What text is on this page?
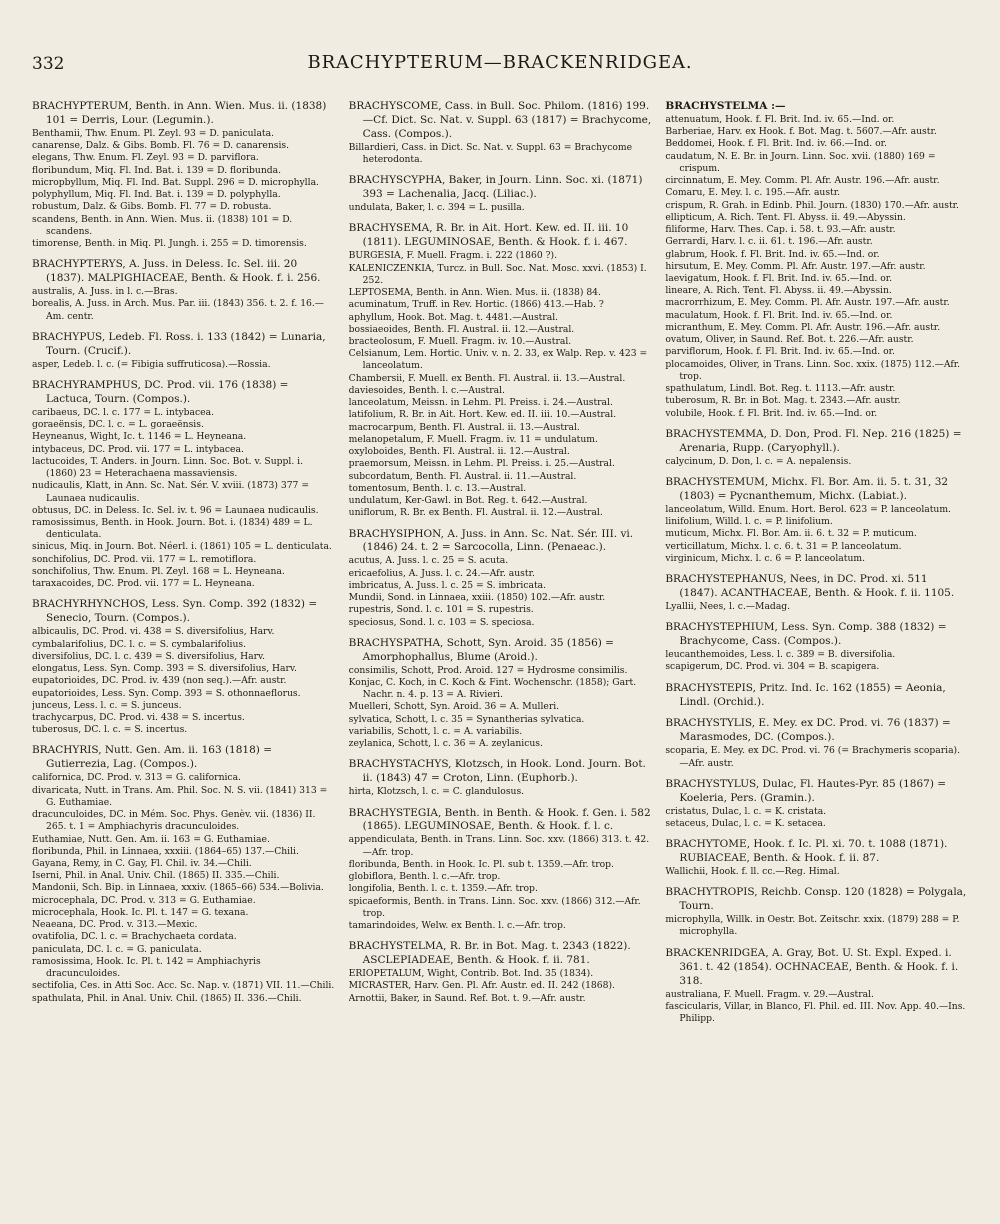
332	BRACHYPTERUM—BRACKENRIDGEA.
BRACHYPTERUM, Benth. in Ann. Wien. Mus. ii. (1838) 101 = Derris, Lour. (Legumin.).
Benthamii, Thw. Enum. Pl. Zeyl. 93 = D. paniculata.
canarense, Dalz. & Gibs. Bomb. Fl. 76 = D. canarensis.
elegans, Thw. Enum. Fl. Zeyl. 93 = D. parviflora.
floribundum, Miq. Fl. Ind. Bat. i. 139 = D. floribunda.
micropbyllum, Miq. Fl. Ind. Bat. Suppl. 296 = D. microphylla.
polyphyllum, Miq. Fl. Ind. Bat. i. 139 = D. polyphylla.
robustum, Dalz. & Gibs. Bomb. Fl. 77 = D. robusta.
scandens, Benth. in Ann. Wien. Mus. ii. (1838) 101 = D. scandens.
timorense, Benth. in Miq. Pl. Jungh. i. 255 = D. timorensis.
BRACHYPTERYS, A. Juss. in Deless. Ic. Sel. iii. 20 (1837). MALPIGHIACEAE, Benth. & Hook. f. i. 256.
australis, A. Juss. in l. c.—Bras.
borealis, A. Juss. in Arch. Mus. Par. iii. (1843) 356. t. 2. f. 16.—Am. centr.
BRACHYPUS, Ledeb. Fl. Ross. i. 133 (1842) = Lunaria, Tourn. (Crucif.).
asper, Ledeb. l. c. (= Fibigia suffruticosa).—Rossia.
BRACHYRAMPHUS, DC. Prod. vii. 176 (1838) = Lactuca, Tourn. (Compos.).
caribaeus, DC. l. c. 177 = L. intybacea.
goraeënsis, DC. l. c. = L. goraeënsis.
Heyneanus, Wight, Ic. t. 1146 = L. Heyneana.
intybaceus, DC. Prod. vii. 177 = L. intybacea.
lactucoides, T. Anders. in Journ. Linn. Soc. Bot. v. Suppl. i. (1860) 23 = Heterachaena massaviensis.
nudicaulis, Klatt, in Ann. Sc. Nat. Sér. V. xviii. (1873) 377 = Launaea nudicaulis.
obtusus, DC. in Deless. Ic. Sel. iv. t. 96 = Launaea nudicaulis.
ramosissimus, Benth. in Hook. Journ. Bot. i. (1834) 489 = L. denticulata.
sinicus, Miq. in Journ. Bot. Néerl. i. (1861) 105 = L. denticulata.
sonchifolius, DC. Prod. vii. 177 = L. remotiflora.
sonchifolius, Thw. Enum. Pl. Zeyl. 168 = L. Heyneana.
taraxacoides, DC. Prod. vii. 177 = L. Heyneana.
BRACHYRHYNCHOS, Less. Syn. Comp. 392 (1832) = Senecio, Tourn. (Compos.).
albicaulis, DC. Prod. vi. 438 = S. diversifolius, Harv.
cymbalarifolius, DC. l. c. = S. cymbalarifolius.
diversifolius, DC. l. c. 439 = S. diversifolius, Harv.
elongatus, Less. Syn. Comp. 393 = S. diversifolius, Harv.
eupatorioides, DC. Prod. iv. 439 (non seq.).—Afr. austr.
eupatorioides, Less. Syn. Comp. 393 = S. othonnaeflorus.
junceus, Less. l. c. = S. junceus.
trachycarpus, DC. Prod. vi. 438 = S. incertus.
tuberosus, DC. l. c. = S. incertus.
BRACHYRIS, Nutt. Gen. Am. ii. 163 (1818) = Gutierrezia, Lag. (Compos.).
californica, DC. Prod. v. 313 = G. californica.
divaricata, Nutt. in Trans. Am. Phil. Soc. N. S. vii. (1841) 313 = G. Euthamiae.
dracunculoides, DC. in Mém. Soc. Phys. Genèv. vii. (1836) II. 265. t. 1 = Amphiachyris dracunculoides.
Euthamiae, Nutt. Gen. Am. ii. 163 = G. Euthamiae.
floribunda, Phil. in Linnaea, xxxiii. (1864–65) 137.—Chili.
Gayana, Remy, in C. Gay, Fl. Chil. iv. 34.—Chili.
Iserni, Phil. in Anal. Univ. Chil. (1865) II. 335.—Chili.
Mandonii, Sch. Bip. in Linnaea, xxxiv. (1865–66) 534.—Bolivia.
microcephala, DC. Prod. v. 313 = G. Euthamiae.
microcephala, Hook. Ic. Pl. t. 147 = G. texana.
Neaeana, DC. Prod. v. 313.—Mexic.
ovatifolia, DC. l. c. = Brachychaeta cordata.
paniculata, DC. l. c. = G. paniculata.
ramosissima, Hook. Ic. Pl. t. 142 = Amphiachyris dracunculoides.
sectifolia, Ces. in Atti Soc. Acc. Sc. Nap. v. (1871) VII. 11.—Chili.
spathulata, Phil. in Anal. Univ. Chil. (1865) II. 336.—Chili.
BRACHYSCOME, Cass. in Bull. Soc. Philom. (1816) 199.—Cf. Dict. Sc. Nat. v. Suppl. 63 (1817) = Brachycome, Cass. (Compos.).
Billardieri, Cass. in Dict. Sc. Nat. v. Suppl. 63 = Brachycome heterodonta.
BRACHYSCYPHA, Baker, in Journ. Linn. Soc. xi. (1871) 393 = Lachenalia, Jacq. (Liliac.).
undulata, Baker, l. c. 394 = L. pusilla.
BRACHYSEMA, R. Br. in Ait. Hort. Kew. ed. II. iii. 10 (1811). LEGUMINOSAE, Benth. & Hook. f. i. 467.
BURGESIA, F. Muell. Fragm. i. 222 (1860 ?).
KALENICZENKIA, Turcz. in Bull. Soc. Nat. Mosc. xxvi. (1853) I. 252.
LEPTOSEMA, Benth. in Ann. Wien. Mus. ii. (1838) 84.
acuminatum, Truff. in Rev. Hortic. (1866) 413.—Hab. ?
aphyllum, Hook. Bot. Mag. t. 4481.—Austral.
bossiaeoides, Benth. Fl. Austral. ii. 12.—Austral.
bracteolosum, F. Muell. Fragm. iv. 10.—Austral.
Celsianum, Lem. Hortic. Univ. v. n. 2. 33, ex Walp. Rep. v. 423 = lanceolatum.
Chambersii, F. Muell. ex Benth. Fl. Austral. ii. 13.—Austral.
daviesoides, Benth. l. c.—Austral.
lanceolatum, Meissn. in Lehm. Pl. Preiss. i. 24.—Austral.
latifolium, R. Br. in Ait. Hort. Kew. ed. II. iii. 10.—Austral.
macrocarpum, Benth. Fl. Austral. ii. 13.—Austral.
melanopetalum, F. Muell. Fragm. iv. 11 = undulatum.
oxyloboides, Benth. Fl. Austral. ii. 12.—Austral.
praemorsum, Meissn. in Lehm. Pl. Preiss. i. 25.—Austral.
subcordatum, Benth. Fl. Austral. ii. 11.—Austral.
tomentosum, Benth. l. c. 13.—Austral.
undulatum, Ker-Gawl. in Bot. Reg. t. 642.—Austral.
uniflorum, R. Br. ex Benth. Fl. Austral. ii. 12.—Austral.
BRACHYSIPHON, A. Juss. in Ann. Sc. Nat. Sér. III. vi. (1846) 24. t. 2 = Sarcocolla, Linn. (Penaeac.).
acutus, A. Juss. l. c. 25 = S. acuta.
ericaefolius, A. Juss. l. c. 24.—Afr. austr.
imbricatus, A. Juss. l. c. 25 = S. imbricata.
Mundii, Sond. in Linnaea, xxiii. (1850) 102.—Afr. austr.
rupestris, Sond. l. c. 101 = S. rupestris.
speciosus, Sond. l. c. 103 = S. speciosa.
BRACHYSPATHA, Schott, Syn. Aroid. 35 (1856) = Amorphophallus, Blume (Aroid.).
consimilis, Schott, Prod. Aroid. 127 = Hydrosme consimilis.
Konjac, C. Koch, in C. Koch & Fint. Wochenschr. (1858); Gart. Nachr. n. 4. p. 13 = A. Rivieri.
Muelleri, Schott, Syn. Aroid. 36 = A. Mulleri.
sylvatica, Schott, l. c. 35 = Synantherias sylvatica.
variabilis, Schott, l. c. = A. variabilis.
zeylanica, Schott, l. c. 36 = A. zeylanicus.
BRACHYSTACHYS, Klotzsch, in Hook. Lond. Journ. Bot. ii. (1843) 47 = Croton, Linn. (Euphorb.).
hirta, Klotzsch, l. c. = C. glandulosus.
BRACHYSTEGIA, Benth. in Benth. & Hook. f. Gen. i. 582 (1865). LEGUMINOSAE, Benth. & Hook. f. l. c.
appendiculata, Benth. in Trans. Linn. Soc. xxv. (1866) 313. t. 42.—Afr. trop.
floribunda, Benth. in Hook. Ic. Pl. sub t. 1359.—Afr. trop.
globiflora, Benth. l. c.—Afr. trop.
longifolia, Benth. l. c. t. 1359.—Afr. trop.
spicaeformis, Benth. in Trans. Linn. Soc. xxv. (1866) 312.—Afr. trop.
tamarindoides, Welw. ex Benth. l. c.—Afr. trop.
BRACHYSTELMA, R. Br. in Bot. Mag. t. 2343 (1822). ASCLEPIADEAE, Benth. & Hook. f. ii. 781.
ERIOPETALUM, Wight, Contrib. Bot. Ind. 35 (1834).
MICRASTER, Harv. Gen. Pl. Afr. Austr. ed. II. 242 (1868).
Arnottii, Baker, in Saund. Ref. Bot. t. 9.—Afr. austr.
BRACHYSTELMA :—
attenuatum, Hook. f. Fl. Brit. Ind. iv. 65.—Ind. or.
Barberiae, Harv. ex Hook. f. Bot. Mag. t. 5607.—Afr. austr.
Beddomei, Hook. f. Fl. Brit. Ind. iv. 66.—Ind. or.
caudatum, N. E. Br. in Journ. Linn. Soc. xvii. (1880) 169 = crispum.
circinnatum, E. Mey. Comm. Pl. Afr. Austr. 196.—Afr. austr.
Comaru, E. Mey. l. c. 195.—Afr. austr.
crispum, R. Grah. in Edinb. Phil. Journ. (1830) 170.—Afr. austr.
ellipticum, A. Rich. Tent. Fl. Abyss. ii. 49.—Abyssin.
filiforme, Harv. Thes. Cap. i. 58. t. 93.—Afr. austr.
Gerrardi, Harv. l. c. ii. 61. t. 196.—Afr. austr.
glabrum, Hook. f. Fl. Brit. Ind. iv. 65.—Ind. or.
hirsutum, E. Mey. Comm. Pl. Afr. Austr. 197.—Afr. austr.
laevigatum, Hook. f. Fl. Brit. Ind. iv. 65.—Ind. or.
lineare, A. Rich. Tent. Fl. Abyss. ii. 49.—Abyssin.
macrorrhizum, E. Mey. Comm. Pl. Afr. Austr. 197.—Afr. austr.
maculatum, Hook. f. Fl. Brit. Ind. iv. 65.—Ind. or.
micranthum, E. Mey. Comm. Pl. Afr. Austr. 196.—Afr. austr.
ovatum, Oliver, in Saund. Ref. Bot. t. 226.—Afr. austr.
parviflorum, Hook. f. Fl. Brit. Ind. iv. 65.—Ind. or.
plocamoides, Oliver, in Trans. Linn. Soc. xxix. (1875) 112.—Afr. trop.
spathulatum, Lindl. Bot. Reg. t. 1113.—Afr. austr.
tuberosum, R. Br. in Bot. Mag. t. 2343.—Afr. austr.
volubile, Hook. f. Fl. Brit. Ind. iv. 65.—Ind. or.
BRACHYSTEMMA, D. Don, Prod. Fl. Nep. 216 (1825) = Arenaria, Rupp. (Caryophyll.).
calycinum, D. Don, l. c. = A. nepalensis.
BRACHYSTEMUM, Michx. Fl. Bor. Am. ii. 5. t. 31, 32 (1803) = Pycnanthemum, Michx. (Labiat.).
lanceolatum, Willd. Enum. Hort. Berol. 623 = P. lanceolatum.
linifolium, Willd. l. c. = P. linifolium.
muticum, Michx. Fl. Bor. Am. ii. 6. t. 32 = P. muticum.
verticillatum, Michx. l. c. 6. t. 31 = P. lanceolatum.
virginicum, Michx. l. c. 6 = P. lanceolatum.
BRACHYSTEPHANUS, Nees, in DC. Prod. xi. 511 (1847). ACANTHACEAE, Benth. & Hook. f. ii. 1105.
Lyallii, Nees, l. c.—Madag.
BRACHYSTEPHIUM, Less. Syn. Comp. 388 (1832) = Brachycome, Cass. (Compos.).
leucanthemoides, Less. l. c. 389 = B. diversifolia.
scapigerum, DC. Prod. vi. 304 = B. scapigera.
BRACHYSTEPIS, Pritz. Ind. Ic. 162 (1855) = Aeonia, Lindl. (Orchid.).
BRACHYSTYLIS, E. Mey. ex DC. Prod. vi. 76 (1837) = Marasmodes, DC. (Compos.).
scoparia, E. Mey. ex DC. Prod. vi. 76 (= Brachymeris scoparia).—Afr. austr.
BRACHYSTYLUS, Dulac, Fl. Hautes-Pyr. 85 (1867) = Koeleria, Pers. (Gramin.).
cristatus, Dulac, l. c. = K. cristata.
setaceus, Dulac, l. c. = K. setacea.
BRACHYTOME, Hook. f. Ic. Pl. xi. 70. t. 1088 (1871). RUBIACEAE, Benth. & Hook. f. ii. 87.
Wallichii, Hook. f. ll. cc.—Reg. Himal.
BRACHYTROPIS, Reichb. Consp. 120 (1828) = Polygala, Tourn.
microphylla, Willk. in Oestr. Bot. Zeitschr. xxix. (1879) 288 = P. microphylla.
BRACKENRIDGEA, A. Gray, Bot. U. St. Expl. Exped. i. 361. t. 42 (1854). OCHNACEAE, Benth. & Hook. f. i. 318.
australiana, F. Muell. Fragm. v. 29.—Austral.
fascicularis, Villar, in Blanco, Fl. Phil. ed. III. Nov. App. 40.—Ins. Philipp.
